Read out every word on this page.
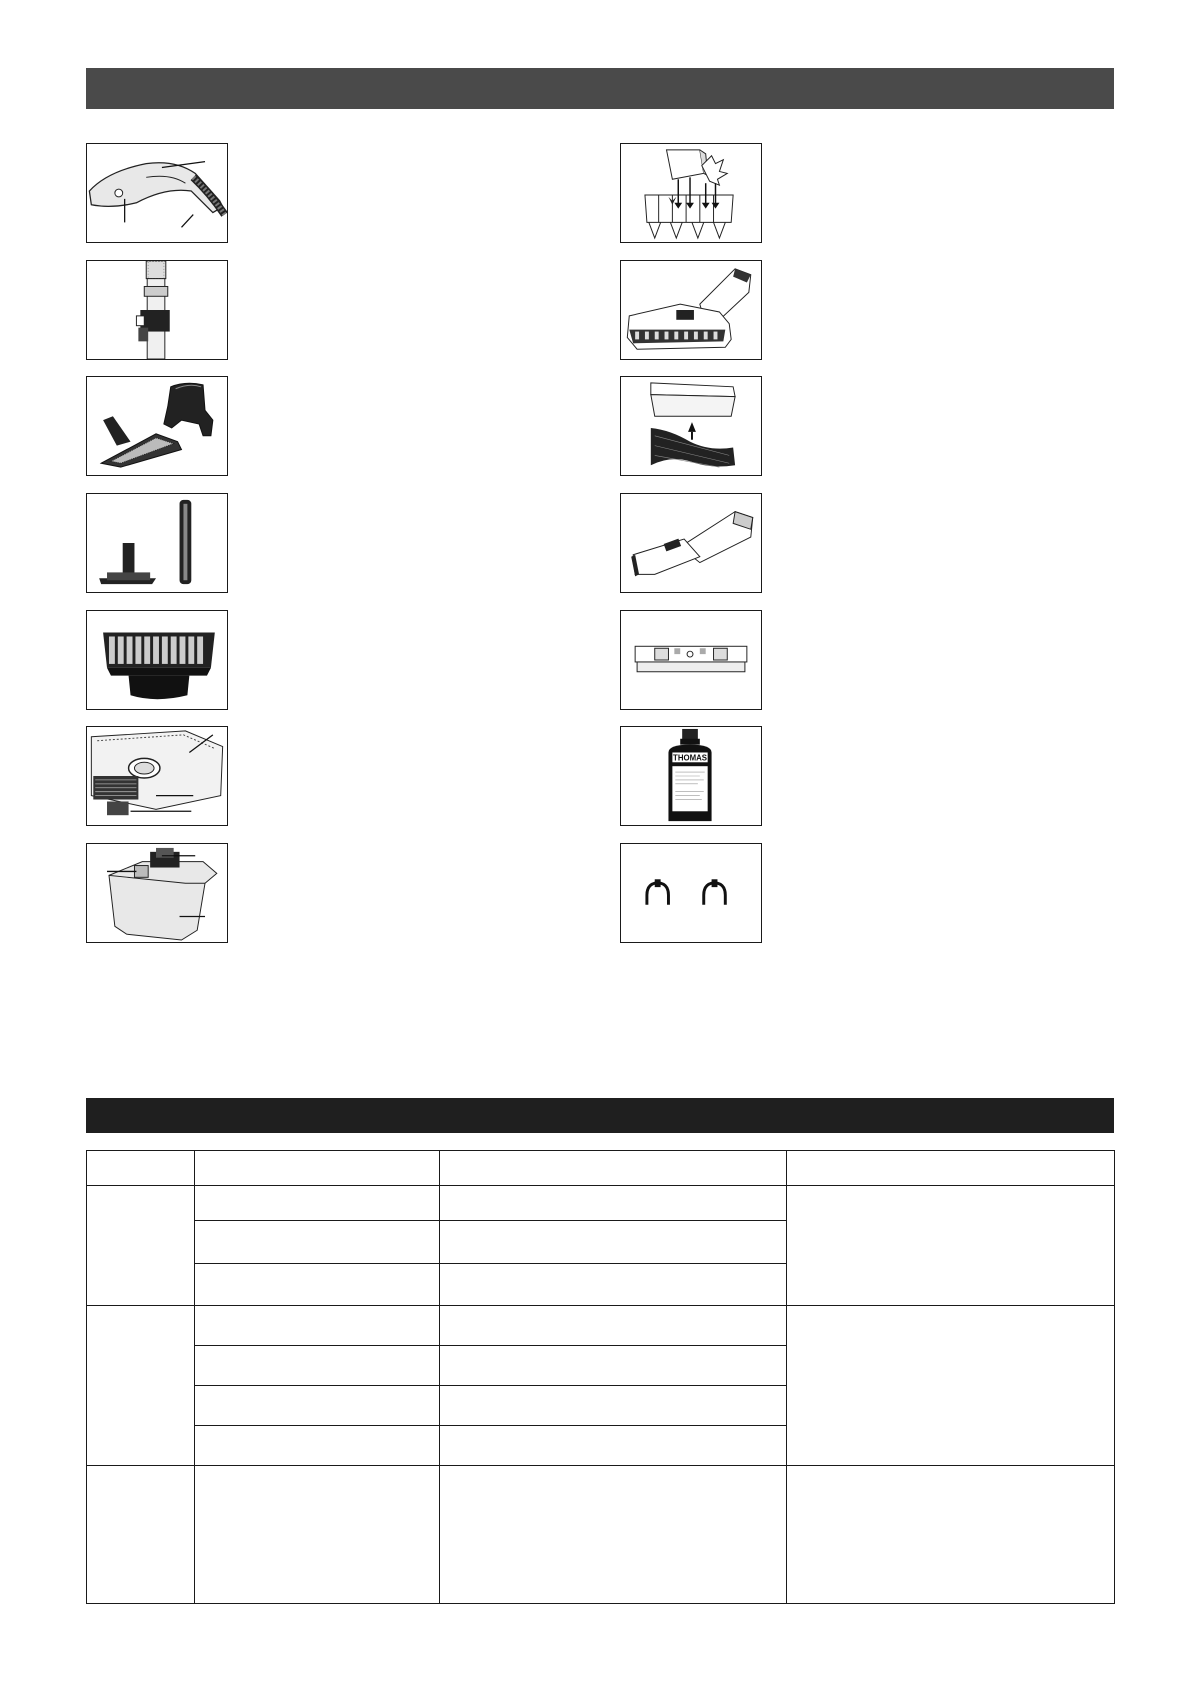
THOMAS
